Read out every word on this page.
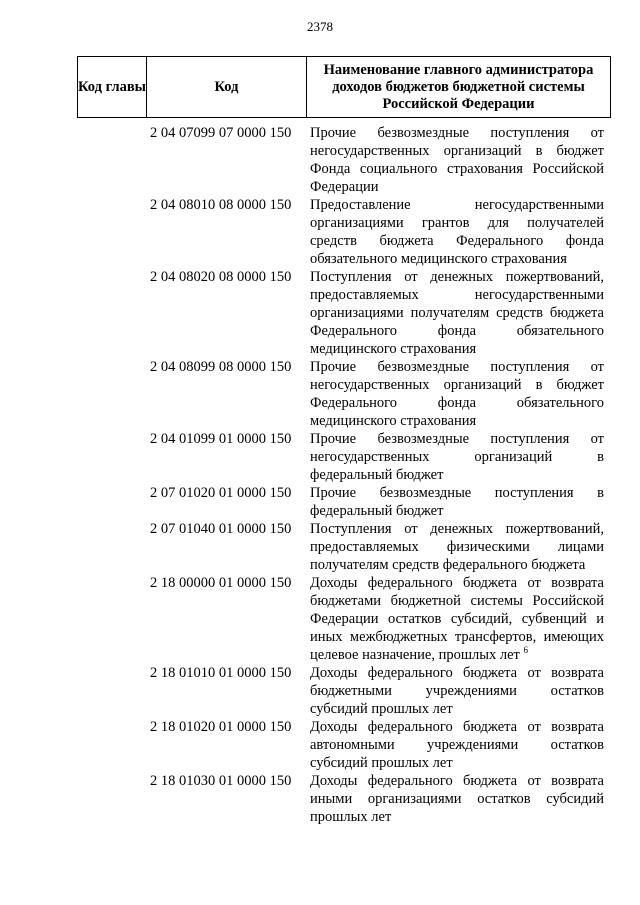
2378
Код главы	Код	Наименование главного администратора доходов бюджетов бюджетной системы Российской Федерации
2 04 07099 07 0000 150	Прочие безвозмездные поступления от негосударственных организаций в бюджет Фонда социального страхования Российской Федерации
2 04 08010 08 0000 150	Предоставление негосударственными организациями грантов для получателей средств бюджета Федерального фонда обязательного медицинского страхования
2 04 08020 08 0000 150	Поступления от денежных пожертвований, предоставляемых негосударственными организациями получателям средств бюджета Федерального фонда обязательного медицинского страхования
2 04 08099 08 0000 150	Прочие безвозмездные поступления от негосударственных организаций в бюджет Федерального фонда обязательного медицинского страхования
2 04 01099 01 0000 150	Прочие безвозмездные поступления от негосударственных организаций в федеральный бюджет
2 07 01020 01 0000 150	Прочие безвозмездные поступления в федеральный бюджет
2 07 01040 01 0000 150	Поступления от денежных пожертвований, предоставляемых физическими лицами получателям средств федерального бюджета
2 18 00000 01 0000 150	Доходы федерального бюджета от возврата бюджетами бюджетной системы Российской Федерации остатков субсидий, субвенций и иных межбюджетных трансфертов, имеющих целевое назначение, прошлых лет $^6$
2 18 01010 01 0000 150	Доходы федерального бюджета от возврата бюджетными учреждениями остатков субсидий прошлых лет
2 18 01020 01 0000 150	Доходы федерального бюджета от возврата автономными учреждениями остатков субсидий прошлых лет
2 18 01030 01 0000 150	Доходы федерального бюджета от возврата иными организациями остатков субсидий прошлых лет
